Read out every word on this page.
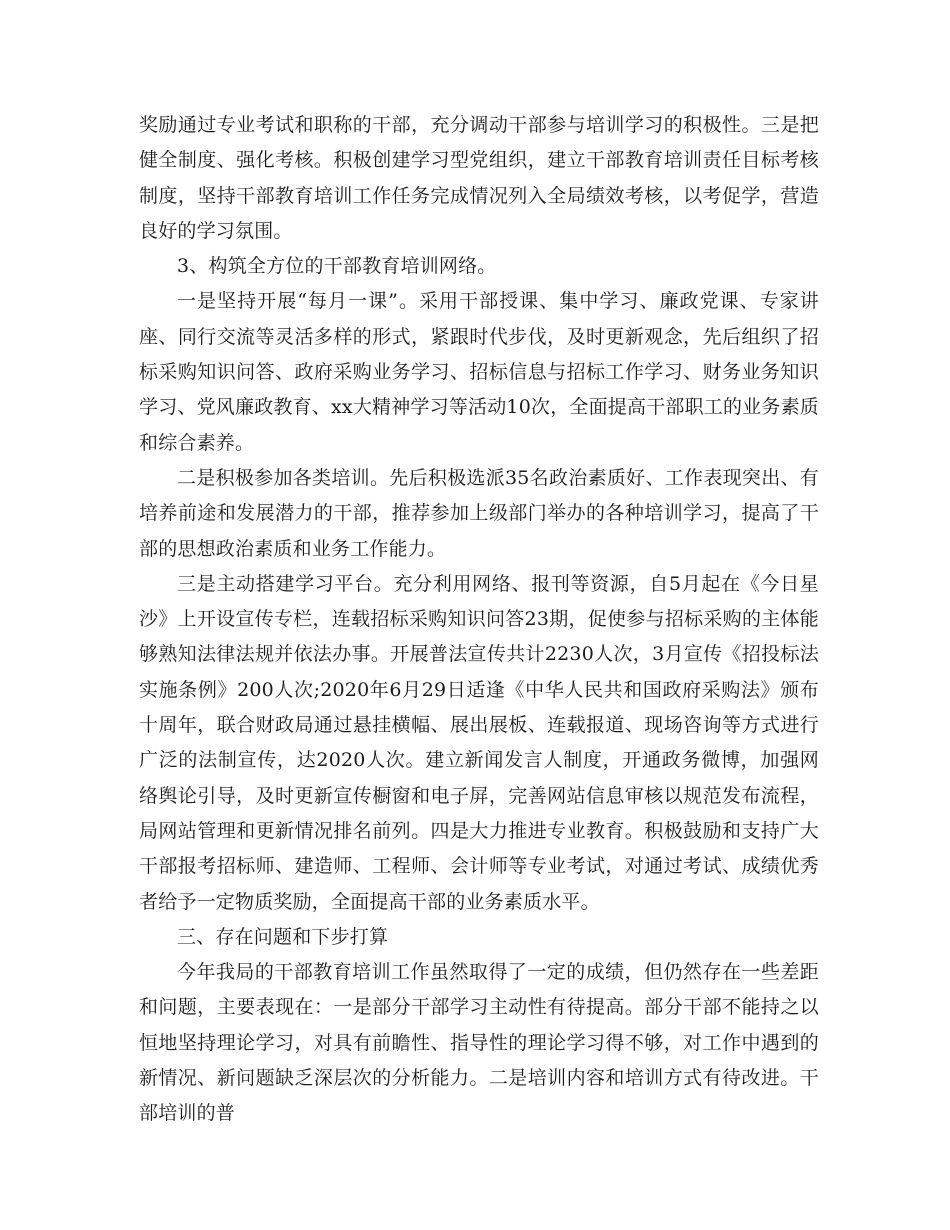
奖励通过专业考试和职称的干部，充分调动干部参与培训学习的积极性。三是把健全制度、强化考核。积极创建学习型党组织，建立干部教育培训责任目标考核制度，坚持干部教育培训工作任务完成情况列入全局绩效考核，以考促学，营造良好的学习氛围。

3、构筑全方位的干部教育培训网络。

一是坚持开展“每月一课”。采用干部授课、集中学习、廉政党课、专家讲座、同行交流等灵活多样的形式，紧跟时代步伐，及时更新观念，先后组织了招标采购知识问答、政府采购业务学习、招标信息与招标工作学习、财务业务知识学习、党风廉政教育、xx大精神学习等活动10次，全面提高干部职工的业务素质和综合素养。

二是积极参加各类培训。先后积极选派35名政治素质好、工作表现突出、有培养前途和发展潜力的干部，推荐参加上级部门举办的各种培训学习，提高了干部的思想政治素质和业务工作能力。

三是主动搭建学习平台。充分利用网络、报刊等资源，自5月起在《今日星沙》上开设宣传专栏，连载招标采购知识问答23期，促使参与招标采购的主体能够熟知法律法规并依法办事。开展普法宣传共计2230人次，3月宣传《招投标法实施条例》200人次;2020年6月29日适逢《中华人民共和国政府采购法》颁布十周年，联合财政局通过悬挂横幅、展出展板、连载报道、现场咨询等方式进行广泛的法制宣传，达2020人次。建立新闻发言人制度，开通政务微博，加强网络舆论引导，及时更新宣传橱窗和电子屏，完善网站信息审核以规范发布流程，局网站管理和更新情况排名前列。四是大力推进专业教育。积极鼓励和支持广大干部报考招标师、建造师、工程师、会计师等专业考试，对通过考试、成绩优秀者给予一定物质奖励，全面提高干部的业务素质水平。

三、存在问题和下步打算

今年我局的干部教育培训工作虽然取得了一定的成绩，但仍然存在一些差距和问题，主要表现在：一是部分干部学习主动性有待提高。部分干部不能持之以恒地坚持理论学习，对具有前瞻性、指导性的理论学习得不够，对工作中遇到的新情况、新问题缺乏深层次的分析能力。二是培训内容和培训方式有待改进。干部培训的普
